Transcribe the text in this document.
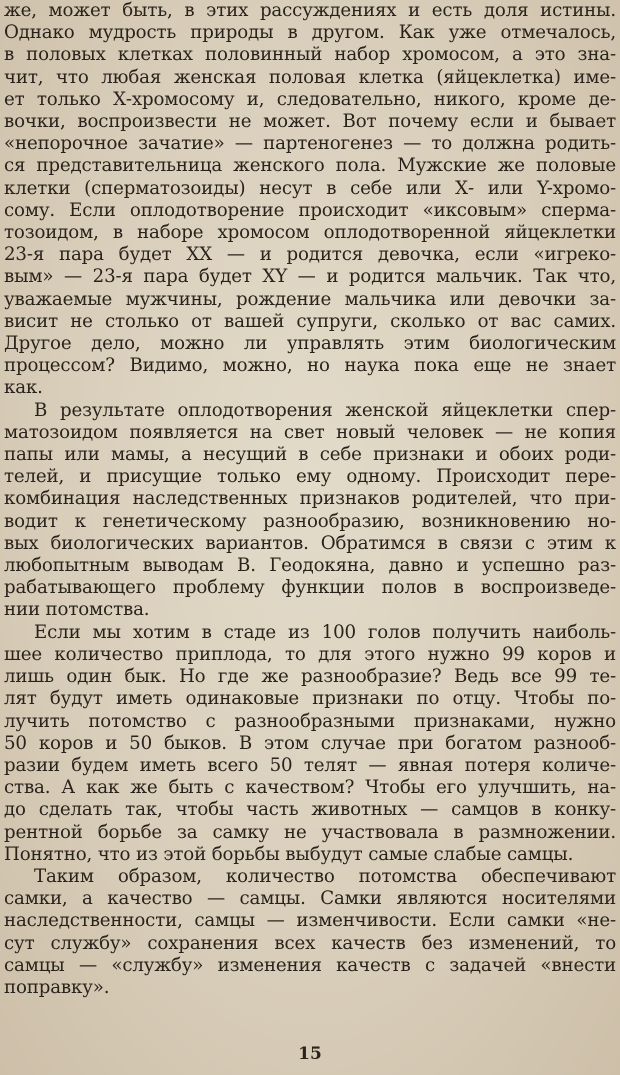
же, может быть, в этих рассуждениях и есть доля истины.
Однако мудрость природы в другом. Как уже отмечалось,
в половых клетках половинный набор хромосом, а это зна-
чит, что любая женская половая клетка (яйцеклетка) име-
ет только Х-хромосому и, следовательно, никого, кроме де-
вочки, воспроизвести не может. Вот почему если и бывает
«непорочное зачатие» — партеногенез — то должна родить-
ся представительница женского пола. Мужские же половые
клетки (сперматозоиды) несут в себе или Х- или Y-хромо-
сому. Если оплодотворение происходит «иксовым» сперма-
тозоидом, в наборе хромосом оплодотворенной яйцеклетки
23-я пара будет XX — и родится девочка, если «игреко-
вым» — 23-я пара будет XY — и родится мальчик. Так что,
уважаемые мужчины, рождение мальчика или девочки за-
висит не столько от вашей супруги, сколько от вас самих.
Другое дело, можно ли управлять этим биологическим
процессом? Видимо, можно, но наука пока еще не знает
как.
В результате оплодотворения женской яйцеклетки спер-
матозоидом появляется на свет новый человек — не копия
папы или мамы, а несущий в себе признаки и обоих роди-
телей, и присущие только ему одному. Происходит пере-
комбинация наследственных признаков родителей, что при-
водит к генетическому разнообразию, возникновению но-
вых биологических вариантов. Обратимся в связи с этим к
любопытным выводам В. Геодокяна, давно и успешно раз-
рабатывающего проблему функции полов в воспроизведе-
нии потомства.
Если мы хотим в стаде из 100 голов получить наиболь-
шее количество приплода, то для этого нужно 99 коров и
лишь один бык. Но где же разнообразие? Ведь все 99 те-
лят будут иметь одинаковые признаки по отцу. Чтобы по-
лучить потомство с разнообразными признаками, нужно
50 коров и 50 быков. В этом случае при богатом разнооб-
разии будем иметь всего 50 телят — явная потеря количе-
ства. А как же быть с качеством? Чтобы его улучшить, на-
до сделать так, чтобы часть животных — самцов в конку-
рентной борьбе за самку не участвовала в размножении.
Понятно, что из этой борьбы выбудут самые слабые самцы.
Таким образом, количество потомства обеспечивают
самки, а качество — самцы. Самки являются носителями
наследственности, самцы — изменчивости. Если самки «не-
сут службу» сохранения всех качеств без изменений, то
самцы — «службу» изменения качеств с задачей «внести
поправку».
15
